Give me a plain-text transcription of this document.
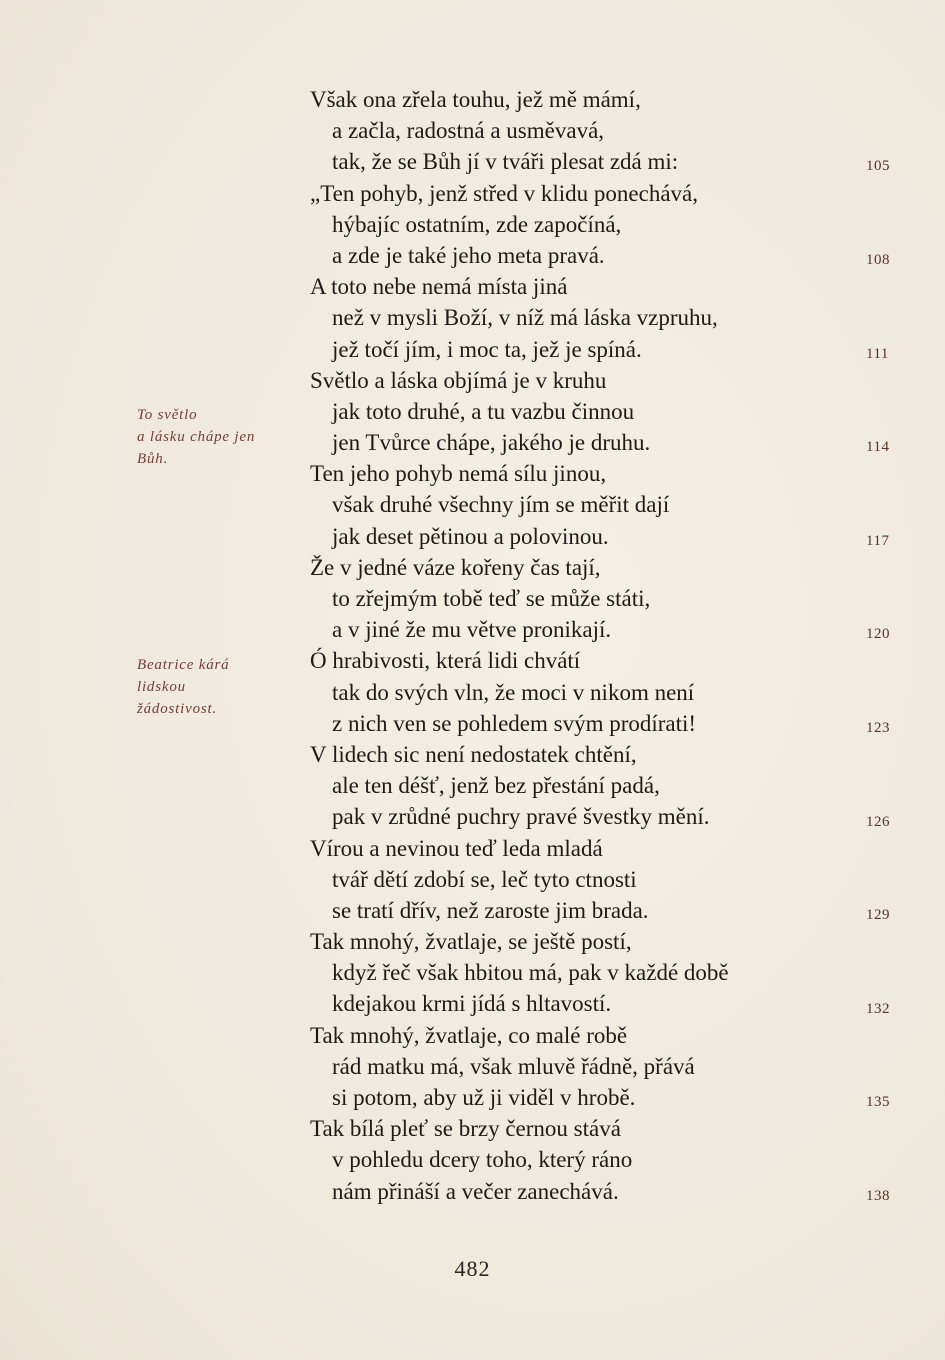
Však ona zřela touhu, jež mě mámí,
a začla, radostná a usměvavá,
tak, že se Bůh jí v tváři plesat zdá mi:
„Ten pohyb, jenž střed v klidu ponechává,
hýbajíc ostatním, zde započíná,
a zde je také jeho meta pravá.
A toto nebe nemá místa jiná
než v mysli Boží, v níž má láska vzpruhu,
jež točí jím, i moc ta, jež je spíná.
Světlo a láska objímá je v kruhu
jak toto druhé, a tu vazbu činnou
jen Tvůrce chápe, jakého je druhu.
Ten jeho pohyb nemá sílu jinou,
však druhé všechny jím se měřit dají
jak deset pětinou a polovinou.
Že v jedné váze kořeny čas tají,
to zřejmým tobě teď se může státi,
a v jiné že mu větve pronikají.
Ó hrabivosti, která lidi chvátí
tak do svých vln, že moci v nikom není
z nich ven se pohledem svým prodírati!
V lidech sic není nedostatek chtění,
ale ten déšť, jenž bez přestání padá,
pak v zrůdné puchry pravé švestky mění.
Vírou a nevinou teď leda mladá
tvář dětí zdobí se, leč tyto ctnosti
se tratí dřív, než zaroste jim brada.
Tak mnohý, žvatlaje, se ještě postí,
když řeč však hbitou má, pak v každé době
kdejakou krmi jídá s hltavostí.
Tak mnohý, žvatlaje, co malé robě
rád matku má, však mluvě řádně, přává
si potom, aby už ji viděl v hrobě.
Tak bílá pleť se brzy černou stává
v pohledu dcery toho, který ráno
nám přináší a večer zanechává.
105
108
111
114
117
120
123
126
129
132
135
138
To světlo
a lásku chápe jen
Bůh.
Beatrice kárá
lidskou
žádostivost.
482
